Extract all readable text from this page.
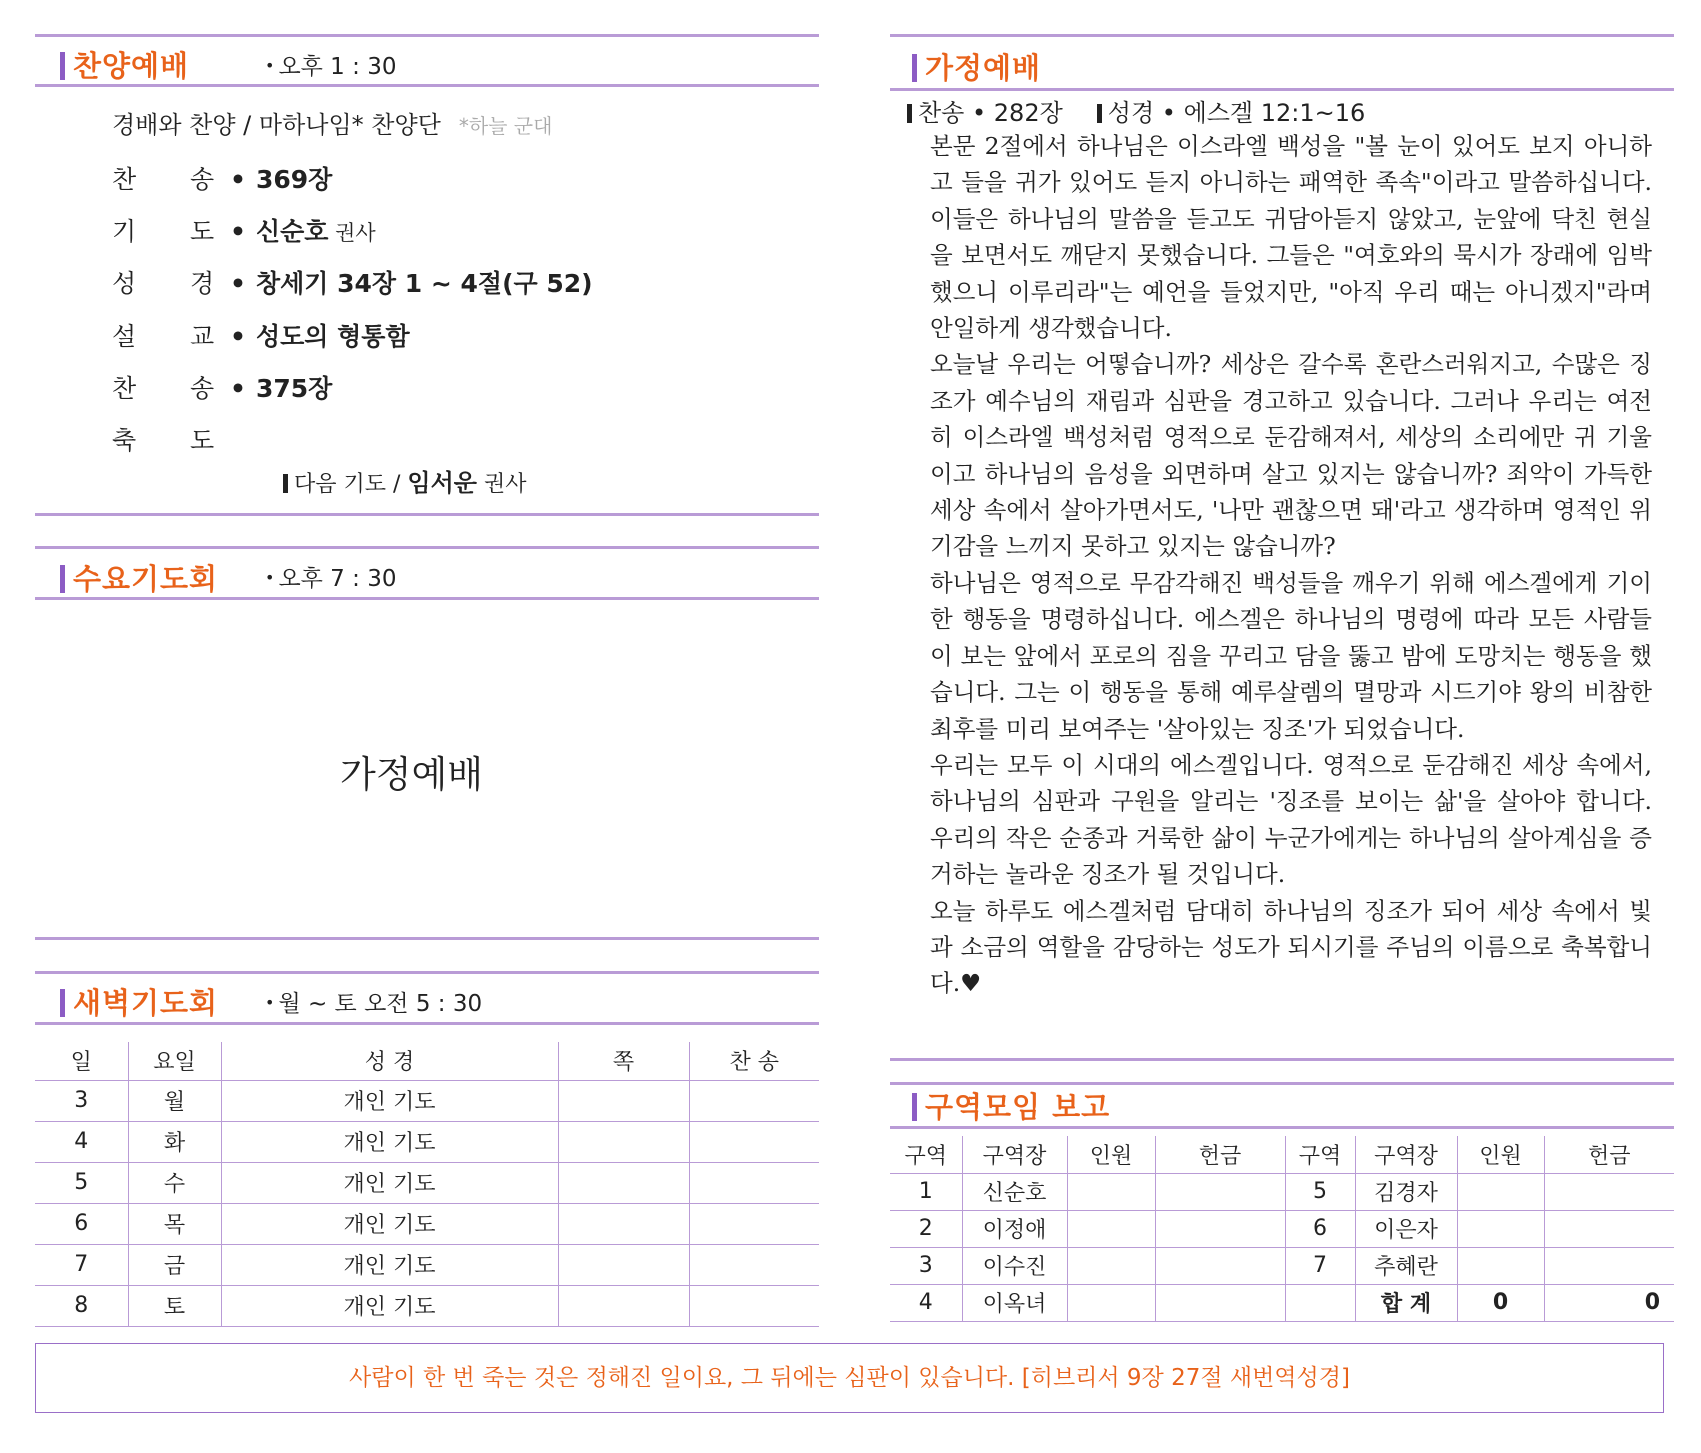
찬양예배	• 오후 1 : 30
경배와 찬양 / 마하나임* 찬양단 *하늘 군대
찬 송 • 369장
기 도 • 신순호 권사
성 경 • 창세기 34장 1 ~ 4절(구 52)
설 교 • 성도의 형통함
찬 송 • 375장
축 도
다음 기도 / 임서운 권사
수요기도회	• 오후 7 : 30
가정예배
새벽기도회	• 월 ~ 토 오전 5 : 30
일	요일	성 경	쪽	찬 송
3	월	개인 기도		
4	화	개인 기도		
5	수	개인 기도		
6	목	개인 기도		
7	금	개인 기도		
8	토	개인 기도		
가정예배
찬송 • 282장 성경 • 에스겔 12:1~16

본문 2절에서 하나님은 이스라엘 백성을 "볼 눈이 있어도 보지 아니하고 들을 귀가 있어도 듣지 아니하는 패역한 족속"이라고 말씀하십니다. 이들은 하나님의 말씀을 듣고도 귀담아듣지 않았고, 눈앞에 닥친 현실을 보면서도 깨닫지 못했습니다. 그들은 "여호와의 묵시가 장래에 임박했으니 이루리라"는 예언을 들었지만, "아직 우리 때는 아니겠지"라며 안일하게 생각했습니다.

오늘날 우리는 어떻습니까? 세상은 갈수록 혼란스러워지고, 수많은 징조가 예수님의 재림과 심판을 경고하고 있습니다. 그러나 우리는 여전히 이스라엘 백성처럼 영적으로 둔감해져서, 세상의 소리에만 귀 기울이고 하나님의 음성을 외면하며 살고 있지는 않습니까? 죄악이 가득한 세상 속에서 살아가면서도, '나만 괜찮으면 돼'라고 생각하며 영적인 위기감을 느끼지 못하고 있지는 않습니까?

하나님은 영적으로 무감각해진 백성들을 깨우기 위해 에스겔에게 기이한 행동을 명령하십니다. 에스겔은 하나님의 명령에 따라 모든 사람들이 보는 앞에서 포로의 짐을 꾸리고 담을 뚫고 밤에 도망치는 행동을 했습니다. 그는 이 행동을 통해 예루살렘의 멸망과 시드기야 왕의 비참한 최후를 미리 보여주는 '살아있는 징조'가 되었습니다.

우리는 모두 이 시대의 에스겔입니다. 영적으로 둔감해진 세상 속에서, 하나님의 심판과 구원을 알리는 '징조를 보이는 삶'을 살아야 합니다. 우리의 작은 순종과 거룩한 삶이 누군가에게는 하나님의 살아계심을 증거하는 놀라운 징조가 될 것입니다.

오늘 하루도 에스겔처럼 담대히 하나님의 징조가 되어 세상 속에서 빛과 소금의 역할을 감당하는 성도가 되시기를 주님의 이름으로 축복합니다.♥

구역모임 보고
구역	구역장	인원	헌금	구역	구역장	인원	헌금
1	신순호			5	김경자		
2	이정애			6	이은자		
3	이수진			7	추혜란		
4	이옥녀				합 계	0	0
사람이 한 번 죽는 것은 정해진 일이요, 그 뒤에는 심판이 있습니다. [히브리서 9장 27절 새번역성경]
